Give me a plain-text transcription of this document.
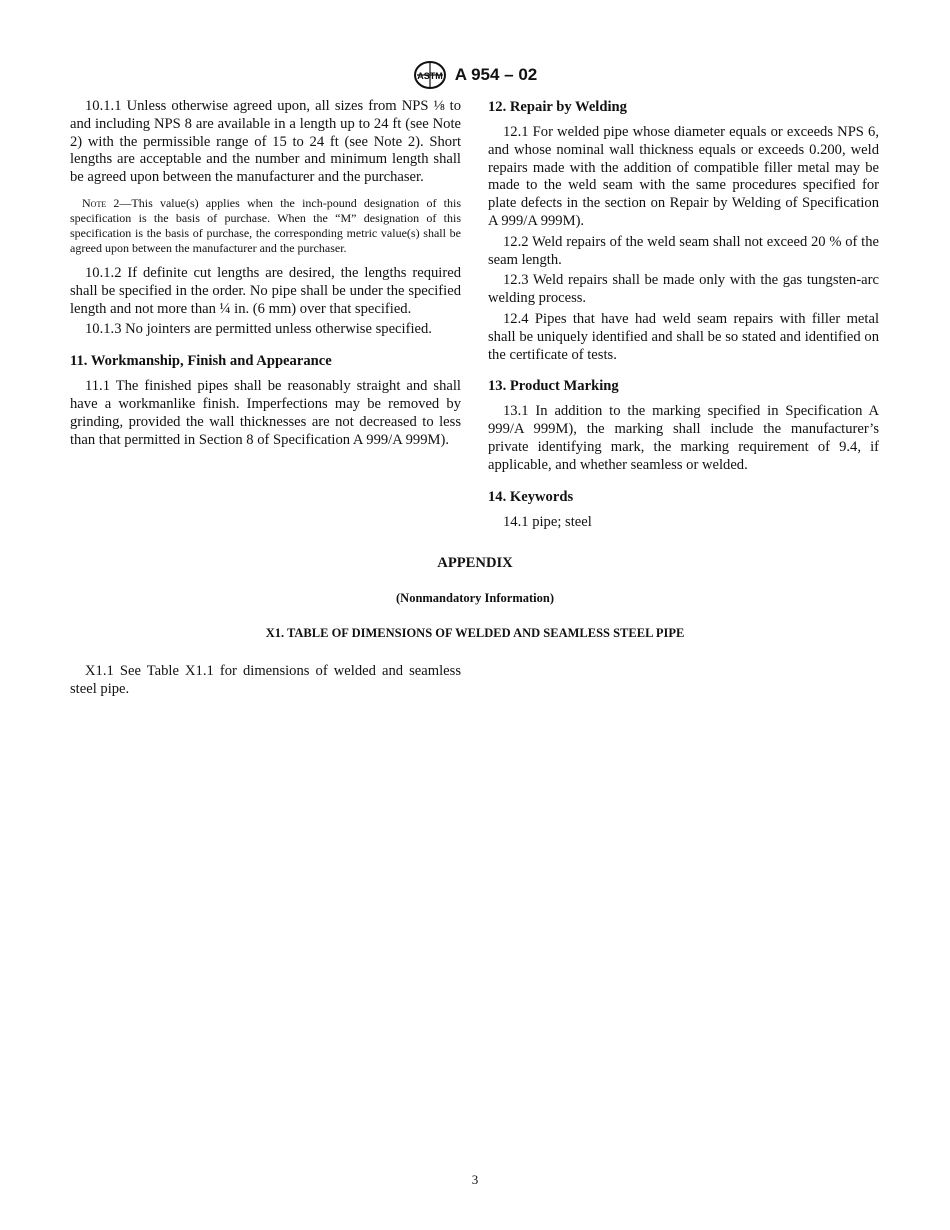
ASTM A 954 – 02

10.1.1 Unless otherwise agreed upon, all sizes from NPS ⅛ to and including NPS 8 are available in a length up to 24 ft (see Note 2) with the permissible range of 15 to 24 ft (see Note 2). Short lengths are acceptable and the number and minimum length shall be agreed upon between the manufacturer and the purchaser.

Note 2—This value(s) applies when the inch-pound designation of this specification is the basis of purchase. When the “M” designation of this specification is the basis of purchase, the corresponding metric value(s) shall be agreed upon between the manufacturer and the purchaser.

10.1.2 If definite cut lengths are desired, the lengths required shall be specified in the order. No pipe shall be under the specified length and not more than ¼ in. (6 mm) over that specified.

10.1.3 No jointers are permitted unless otherwise specified.

11. Workmanship, Finish and Appearance

11.1 The finished pipes shall be reasonably straight and shall have a workmanlike finish. Imperfections may be removed by grinding, provided the wall thicknesses are not decreased to less than that permitted in Section 8 of Specification A 999/A 999M).

12. Repair by Welding

12.1 For welded pipe whose diameter equals or exceeds NPS 6, and whose nominal wall thickness equals or exceeds 0.200, weld repairs made with the addition of compatible filler metal may be made to the weld seam with the same procedures specified for plate defects in the section on Repair by Welding of Specification A 999/A 999M).

12.2 Weld repairs of the weld seam shall not exceed 20 % of the seam length.

12.3 Weld repairs shall be made only with the gas tungsten-arc welding process.

12.4 Pipes that have had weld seam repairs with filler metal shall be uniquely identified and shall be so stated and identified on the certificate of tests.

13. Product Marking

13.1 In addition to the marking specified in Specification A 999/A 999M), the marking shall include the manufacturer’s private identifying mark, the marking requirement of 9.4, if applicable, and whether seamless or welded.

14. Keywords

14.1 pipe; steel

APPENDIX
(Nonmandatory Information)
X1. TABLE OF DIMENSIONS OF WELDED AND SEAMLESS STEEL PIPE

X1.1 See Table X1.1 for dimensions of welded and seamless steel pipe.

3
